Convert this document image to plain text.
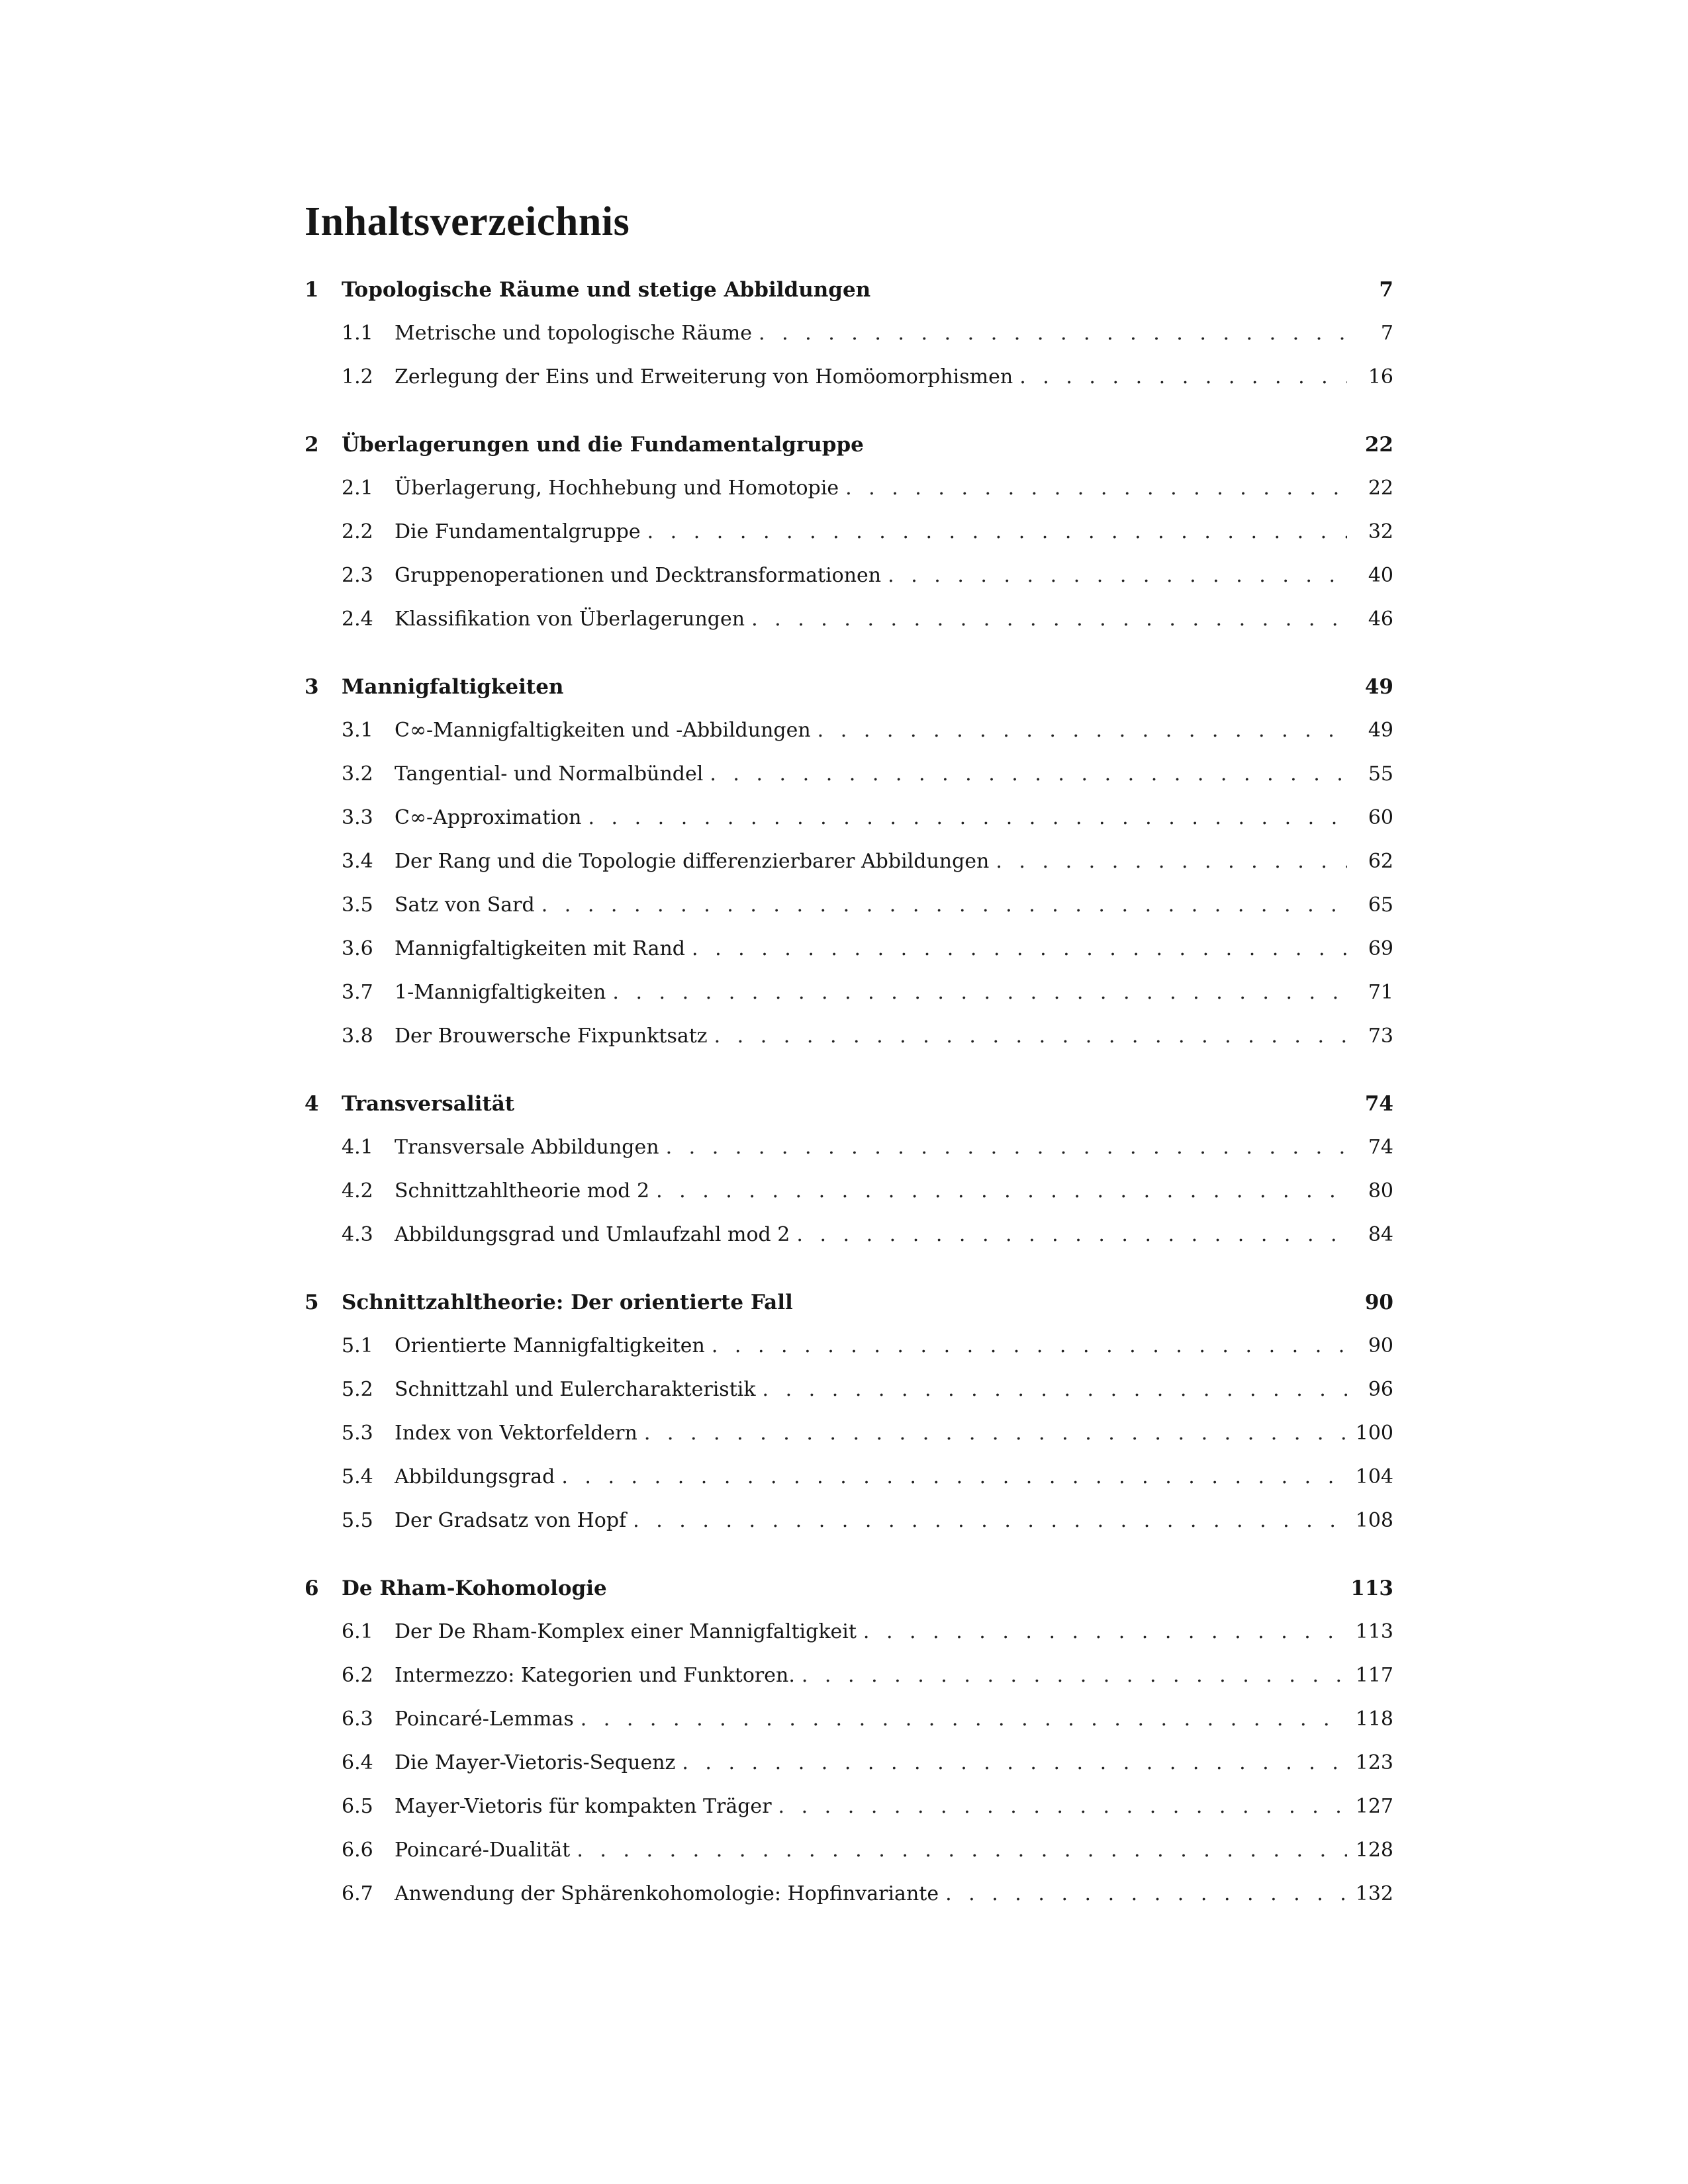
Inhaltsverzeichnis
1	Topologische Räume und stetige Abbildungen	7
1.1	Metrische und topologische Räume . . .	7
1.2	Zerlegung der Eins und Erweiterung von Homöomorphismen . . .	16
2	Überlagerungen und die Fundamentalgruppe	22
2.1	Überlagerung, Hochhebung und Homotopie . . .	22
2.2	Die Fundamentalgruppe . . .	32
2.3	Gruppenoperationen und Decktransformationen . . .	40
2.4	Klassifikation von Überlagerungen . . .	46
3	Mannigfaltigkeiten	49
3.1	C∞-Mannigfaltigkeiten und -Abbildungen . . .	49
3.2	Tangential- und Normalbündel . . .	55
3.3	C∞-Approximation . . .	60
3.4	Der Rang und die Topologie differenzierbarer Abbildungen . . .	62
3.5	Satz von Sard . . .	65
3.6	Mannigfaltigkeiten mit Rand . . .	69
3.7	1-Mannigfaltigkeiten . . .	71
3.8	Der Brouwersche Fixpunktsatz . . .	73
4	Transversalität	74
4.1	Transversale Abbildungen . . .	74
4.2	Schnittzahltheorie mod 2 . . .	80
4.3	Abbildungsgrad und Umlaufzahl mod 2 . . .	84
5	Schnittzahltheorie: Der orientierte Fall	90
5.1	Orientierte Mannigfaltigkeiten . . .	90
5.2	Schnittzahl und Eulercharakteristik . . .	96
5.3	Index von Vektorfeldern . . .	100
5.4	Abbildungsgrad . . .	104
5.5	Der Gradsatz von Hopf . . .	108
6	De Rham-Kohomologie	113
6.1	Der De Rham-Komplex einer Mannigfaltigkeit . . .	113
6.2	Intermezzo: Kategorien und Funktoren. . . .	117
6.3	Poincaré-Lemmas . . .	118
6.4	Die Mayer-Vietoris-Sequenz . . .	123
6.5	Mayer-Vietoris für kompakten Träger . . .	127
6.6	Poincaré-Dualität . . .	128
6.7	Anwendung der Sphärenkohomologie: Hopfinvariante . . .	132
